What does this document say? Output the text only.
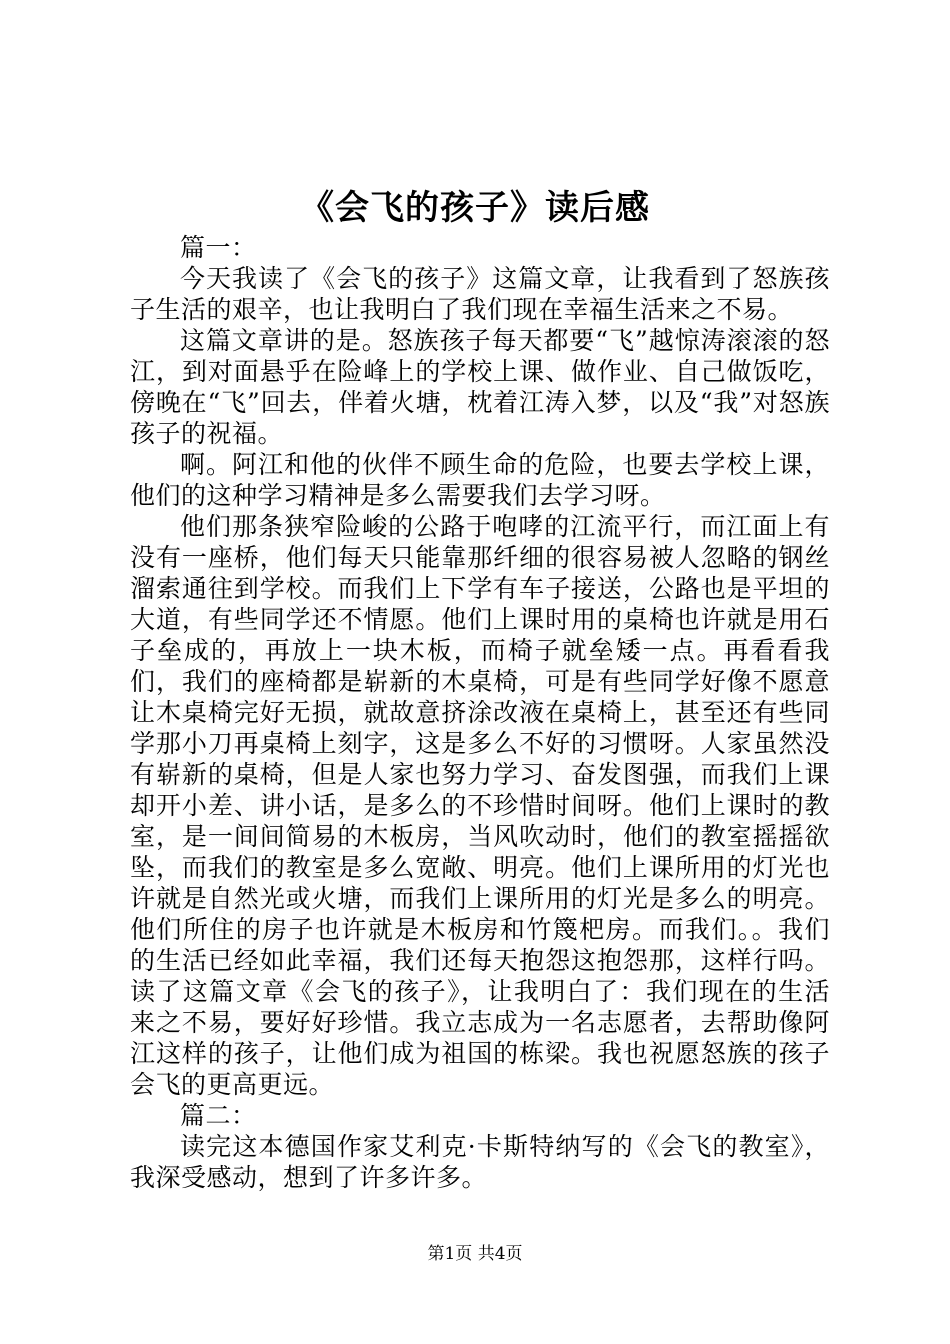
《会飞的孩子》读后感

篇一：

今天我读了《会飞的孩子》这篇文章，让我看到了怒族孩子生活的艰辛，也让我明白了我们现在幸福生活来之不易。

这篇文章讲的是。怒族孩子每天都要“飞”越惊涛滚滚的怒江，到对面悬乎在险峰上的学校上课、做作业、自己做饭吃，傍晚在“飞”回去，伴着火塘，枕着江涛入梦，以及“我”对怒族孩子的祝福。

啊。阿江和他的伙伴不顾生命的危险，也要去学校上课，他们的这种学习精神是多么需要我们去学习呀。

他们那条狭窄险峻的公路于咆哮的江流平行，而江面上有没有一座桥，他们每天只能靠那纤细的很容易被人忽略的钢丝溜索通往到学校。而我们上下学有车子接送，公路也是平坦的大道，有些同学还不情愿。他们上课时用的桌椅也许就是用石子垒成的，再放上一块木板，而椅子就垒矮一点。再看看我们，我们的座椅都是崭新的木桌椅，可是有些同学好像不愿意让木桌椅完好无损，就故意挤涂改液在桌椅上，甚至还有些同学那小刀再桌椅上刻字，这是多么不好的习惯呀。人家虽然没有崭新的桌椅，但是人家也努力学习、奋发图强，而我们上课却开小差、讲小话，是多么的不珍惜时间呀。他们上课时的教室，是一间间简易的木板房，当风吹动时，他们的教室摇摇欲坠，而我们的教室是多么宽敞、明亮。他们上课所用的灯光也许就是自然光或火塘，而我们上课所用的灯光是多么的明亮。他们所住的房子也许就是木板房和竹篾杷房。而我们。。我们的生活已经如此幸福，我们还每天抱怨这抱怨那，这样行吗。读了这篇文章《会飞的孩子》，让我明白了：我们现在的生活来之不易，要好好珍惜。我立志成为一名志愿者，去帮助像阿江这样的孩子，让他们成为祖国的栋梁。我也祝愿怒族的孩子会飞的更高更远。

篇二：

读完这本德国作家艾利克·卡斯特纳写的《会飞的教室》，我深受感动，想到了许多许多。

第1页 共4页
